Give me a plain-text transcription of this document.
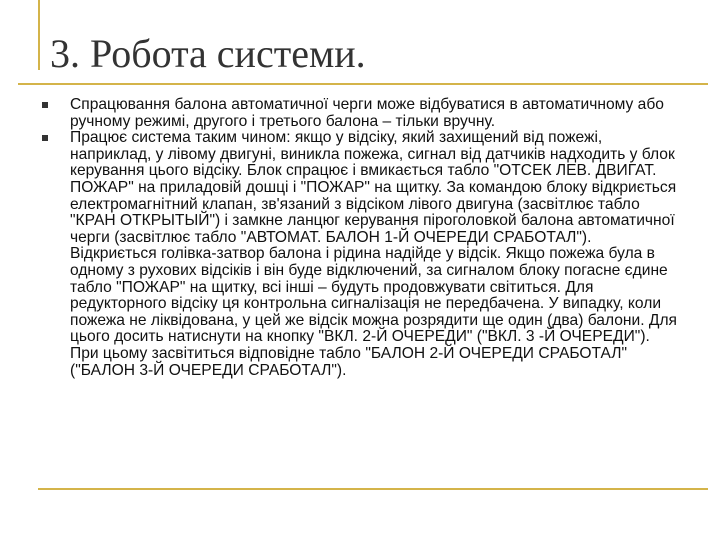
3. Робота системи.
Спрацювання балона автоматичної черги може відбуватися в автоматичному або ручному режимі, другого і третього балона – тільки вручну.
Працює система таким чином: якщо у відсіку, який захищений від пожежі, наприклад, у лівому двигуні, виникла пожежа, сигнал від датчиків надходить у блок керування цього відсіку. Блок спрацює і вмикається табло "ОТСЕК ЛЕВ. ДВИГАТ. ПОЖАР" на приладовій дошці і "ПОЖАР" на щитку. За командою блоку відкриється електромагнітний клапан, зв'язаний з відсіком лівого двигуна (засвітлює табло "КРАН ОТКРЫТЫЙ") і замкне ланцюг керування піроголовкой балона автоматичної черги (засвітлює табло "АВТОМАТ. БАЛОН 1-Й ОЧЕРЕДИ СРАБОТАЛ"). Відкриється голівка-затвор балона і рідина надійде у відсік. Якщо пожежа була в одному з рухових відсіків і він буде відключений, за сигналом блоку погасне єдине табло "ПОЖАР" на щитку, всі інші – будуть продовжувати світиться. Для редукторного відсіку ця контрольна сигналізація не передбачена. У випадку, коли пожежа не ліквідована, у цей же відсік можна розрядити ще один (два) балони. Для цього досить натиснути на кнопку "ВКЛ. 2-Й ОЧЕРЕДИ" ("ВКЛ. 3 -Й ОЧЕРЕДИ"). При цьому засвітиться відповідне табло "БАЛОН 2-Й ОЧЕРЕДИ СРАБОТАЛ" ("БАЛОН 3-Й ОЧЕРЕДИ СРАБОТАЛ").
